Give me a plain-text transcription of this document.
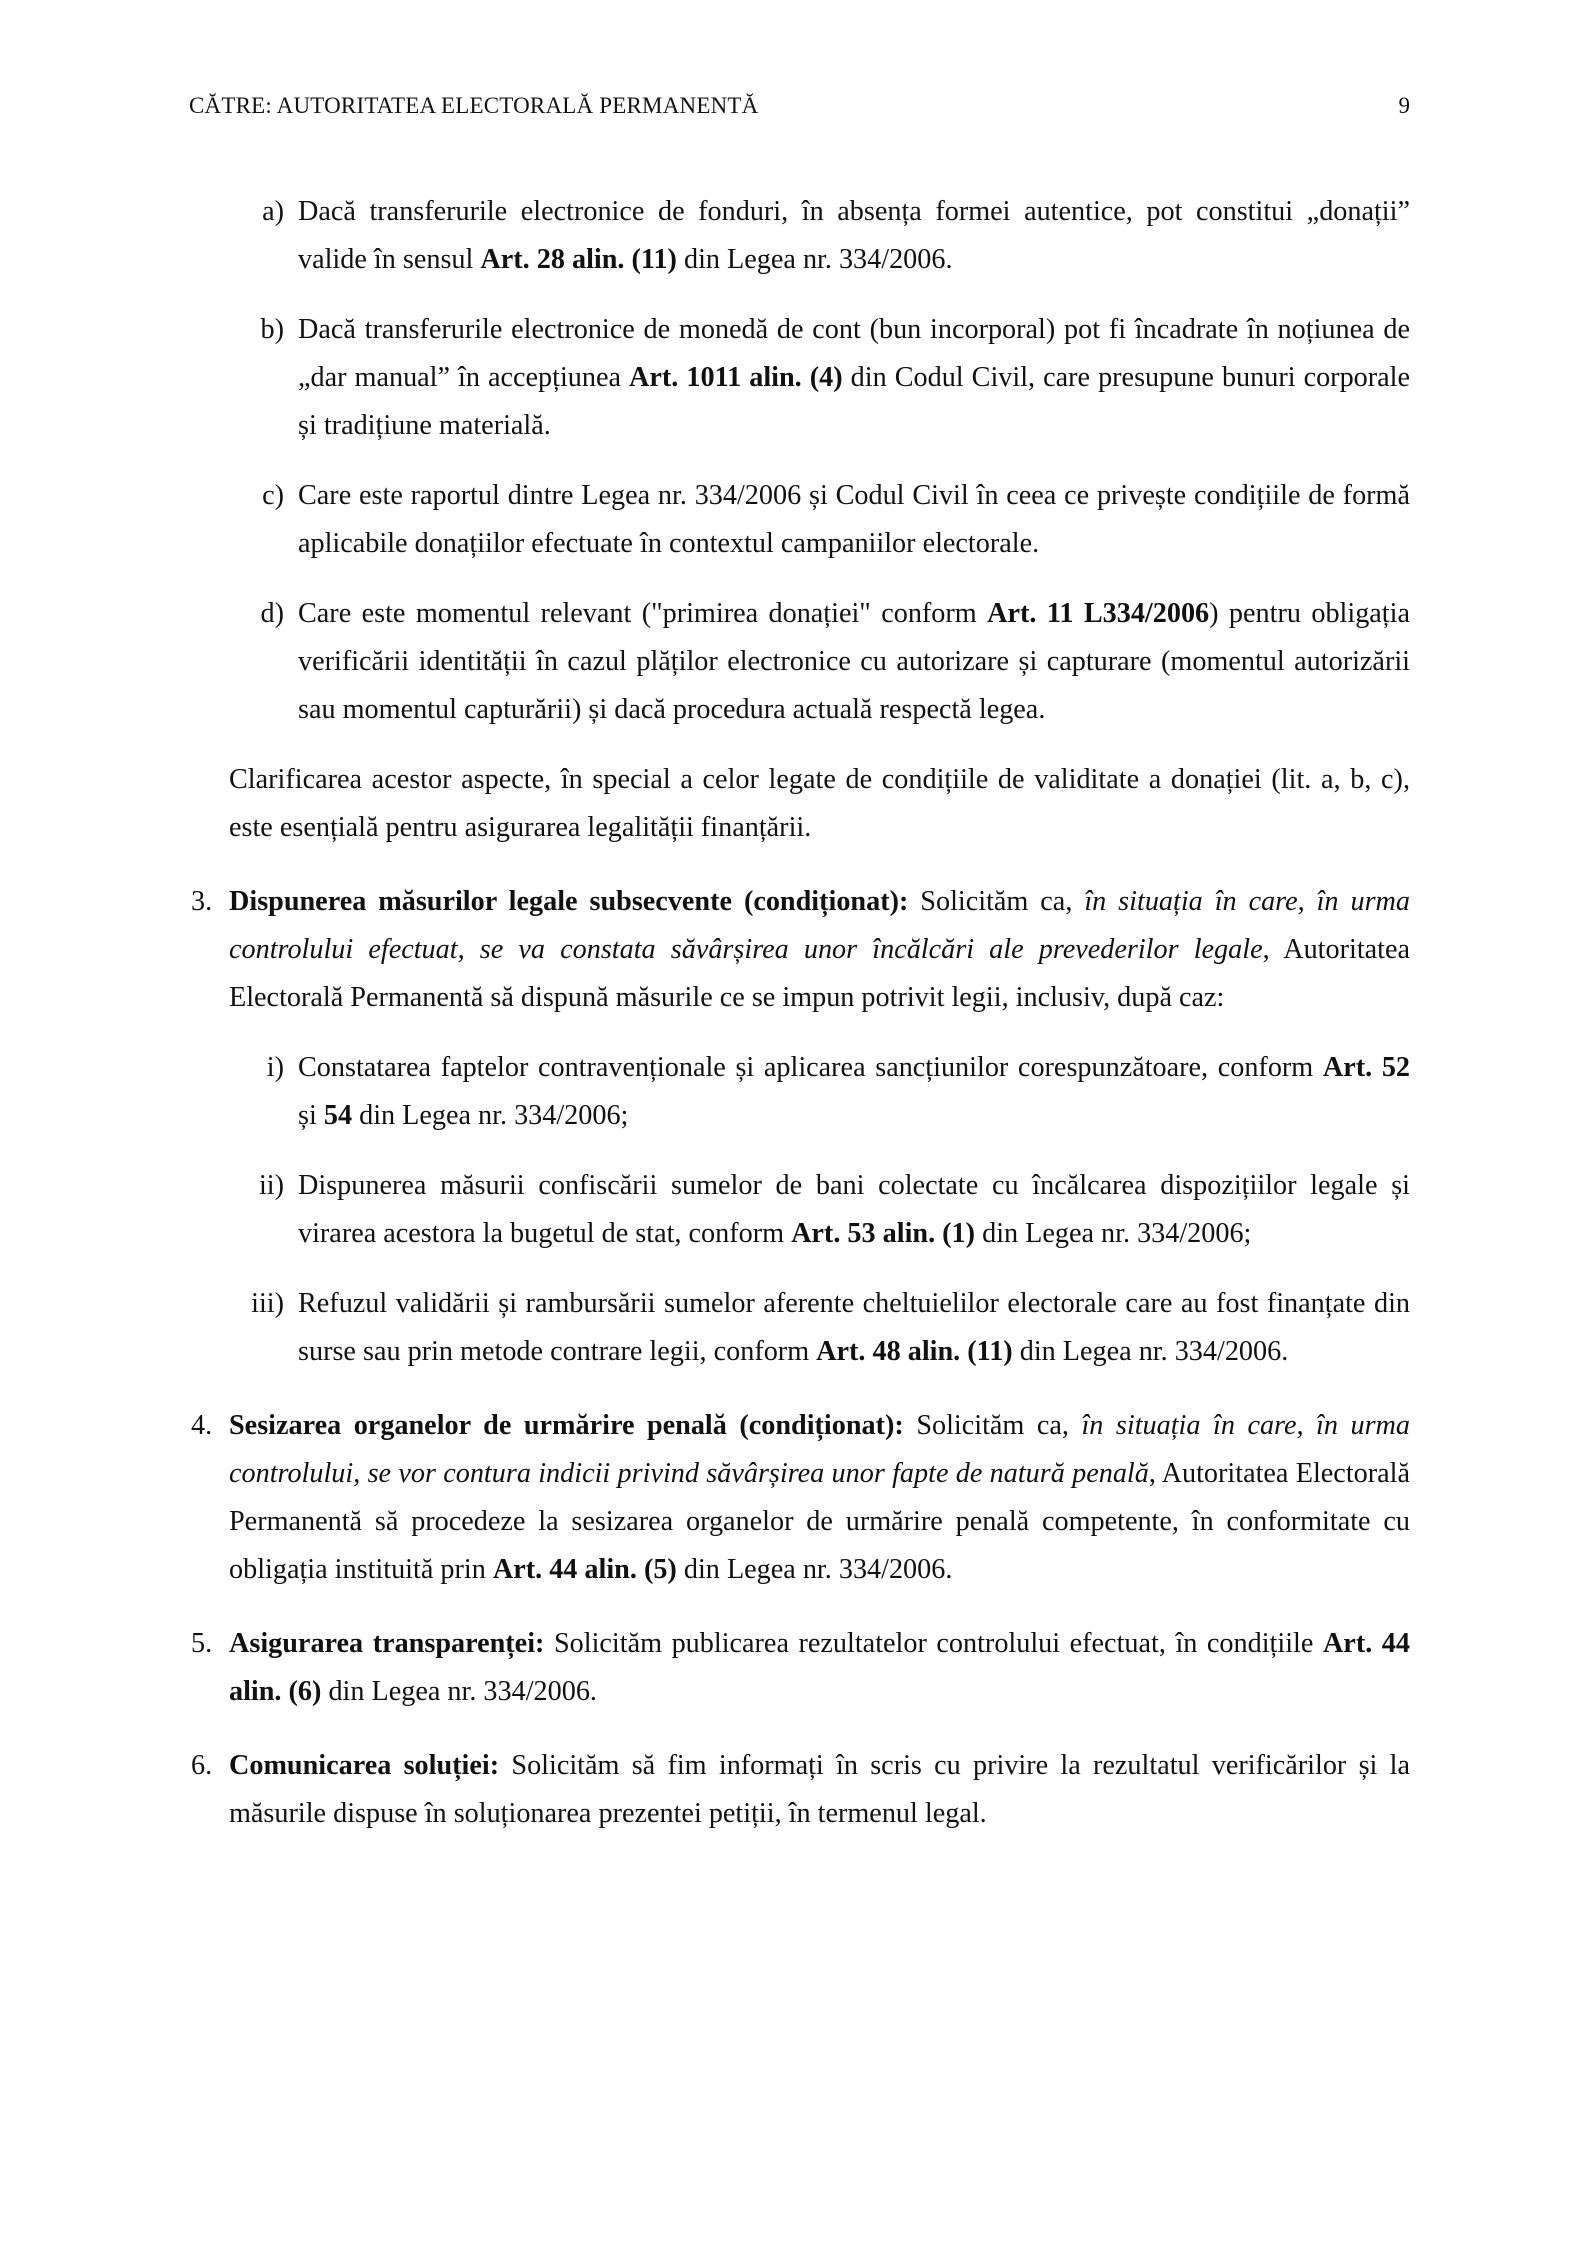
CĂTRE: AUTORITATEA ELECTORALĂ PERMANENTĂ	9
a) Dacă transferurile electronice de fonduri, în absența formei autentice, pot constitui „donații” valide în sensul Art. 28 alin. (11) din Legea nr. 334/2006.
b) Dacă transferurile electronice de monedă de cont (bun incorporal) pot fi încadrate în noțiunea de „dar manual” în accepțiunea Art. 1011 alin. (4) din Codul Civil, care presupune bunuri corporale și tradițiune materială.
c) Care este raportul dintre Legea nr. 334/2006 și Codul Civil în ceea ce privește condițiile de formă aplicabile donațiilor efectuate în contextul campaniilor electorale.
d) Care este momentul relevant ("primirea donației" conform Art. 11 L334/2006) pentru obligația verificării identității în cazul plăților electronice cu autorizare și capturare (momentul autorizării sau momentul capturării) și dacă procedura actuală respectă legea.
Clarificarea acestor aspecte, în special a celor legate de condițiile de validitate a donației (lit. a, b, c), este esențială pentru asigurarea legalității finanțării.
3. Dispunerea măsurilor legale subsecvente (condiționat): Solicităm ca, în situația în care, în urma controlului efectuat, se va constata săvârșirea unor încălcări ale prevederilor legale, Autoritatea Electorală Permanentă să dispună măsurile ce se impun potrivit legii, inclusiv, după caz:
i) Constatarea faptelor contravenționale și aplicarea sancțiunilor corespunzătoare, conform Art. 52 și 54 din Legea nr. 334/2006;
ii) Dispunerea măsurii confiscării sumelor de bani colectate cu încălcarea dispozițiilor legale și virarea acestora la bugetul de stat, conform Art. 53 alin. (1) din Legea nr. 334/2006;
iii) Refuzul validării și rambursării sumelor aferente cheltuielilor electorale care au fost finanțate din surse sau prin metode contrare legii, conform Art. 48 alin. (11) din Legea nr. 334/2006.
4. Sesizarea organelor de urmărire penală (condiționat): Solicităm ca, în situația în care, în urma controlului, se vor contura indicii privind săvârșirea unor fapte de natură penală, Autoritatea Electorală Permanentă să procedeze la sesizarea organelor de urmărire penală competente, în conformitate cu obligația instituită prin Art. 44 alin. (5) din Legea nr. 334/2006.
5. Asigurarea transparenței: Solicităm publicarea rezultatelor controlului efectuat, în condițiile Art. 44 alin. (6) din Legea nr. 334/2006.
6. Comunicarea soluției: Solicităm să fim informați în scris cu privire la rezultatul verificărilor și la măsurile dispuse în soluționarea prezentei petiții, în termenul legal.
